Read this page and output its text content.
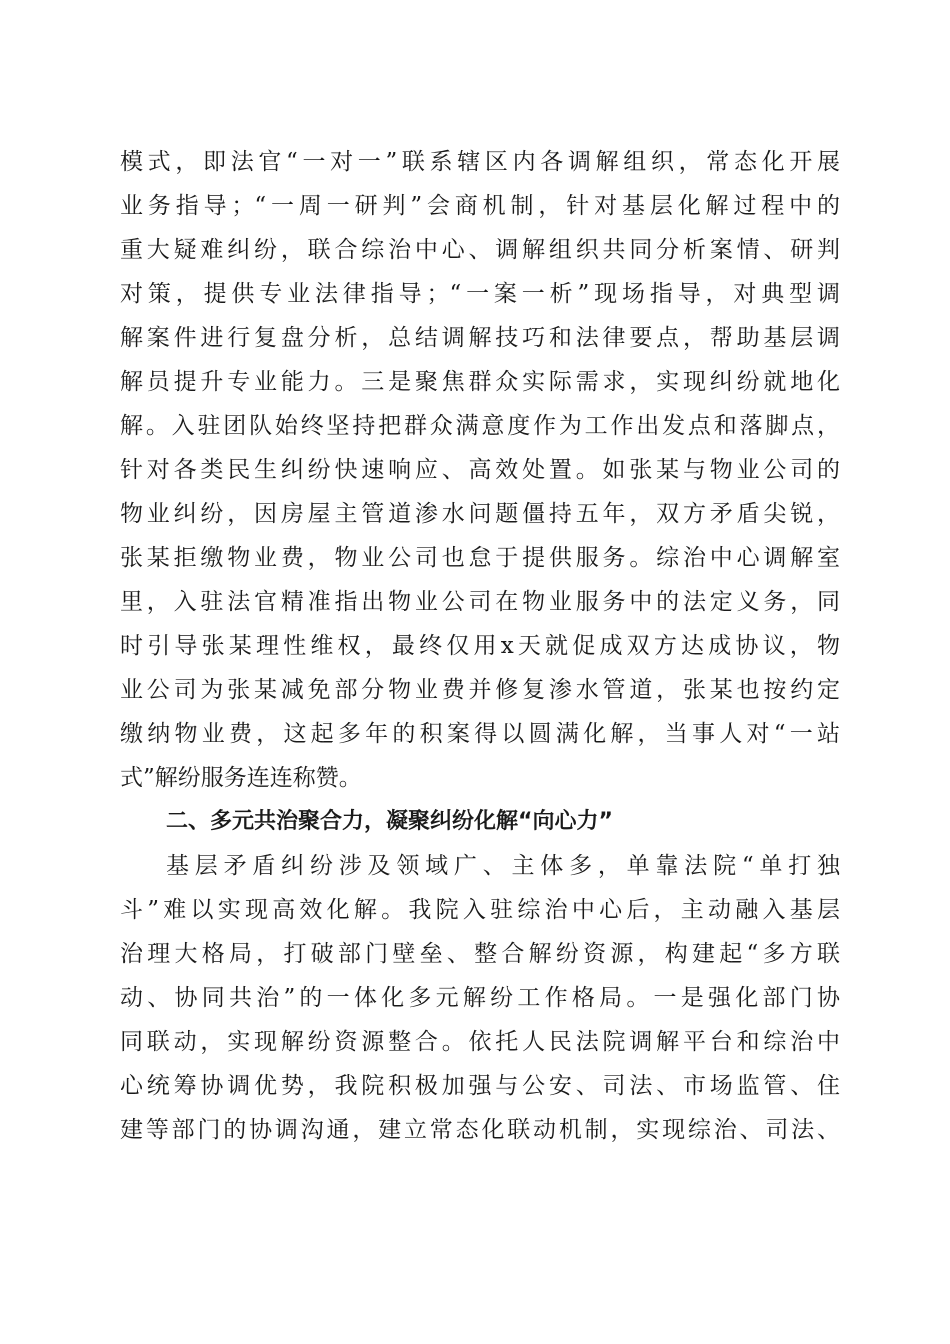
模式，即法官“一对一”联系辖区内各调解组织，常态化开展
业务指导；“一周一研判”会商机制，针对基层化解过程中的
重大疑难纠纷，联合综治中心、调解组织共同分析案情、研判
对策，提供专业法律指导；“一案一析”现场指导，对典型调
解案件进行复盘分析，总结调解技巧和法律要点，帮助基层调
解员提升专业能力。三是聚焦群众实际需求，实现纠纷就地化
解。入驻团队始终坚持把群众满意度作为工作出发点和落脚点，
针对各类民生纠纷快速响应、高效处置。如张某与物业公司的
物业纠纷，因房屋主管道渗水问题僵持五年，双方矛盾尖锐，
张某拒缴物业费，物业公司也怠于提供服务。综治中心调解室
里，入驻法官精准指出物业公司在物业服务中的法定义务，同
时引导张某理性维权，最终仅用x天就促成双方达成协议，物
业公司为张某减免部分物业费并修复渗水管道，张某也按约定
缴纳物业费，这起多年的积案得以圆满化解，当事人对“一站
式”解纷服务连连称赞。
二、多元共治聚合力，凝聚纠纷化解“向心力”
基层矛盾纠纷涉及领域广、主体多，单靠法院“单打独
斗”难以实现高效化解。我院入驻综治中心后，主动融入基层
治理大格局，打破部门壁垒、整合解纷资源，构建起“多方联
动、协同共治”的一体化多元解纷工作格局。一是强化部门协
同联动，实现解纷资源整合。依托人民法院调解平台和综治中
心统筹协调优势，我院积极加强与公安、司法、市场监管、住
建等部门的协调沟通，建立常态化联动机制，实现综治、司法、
